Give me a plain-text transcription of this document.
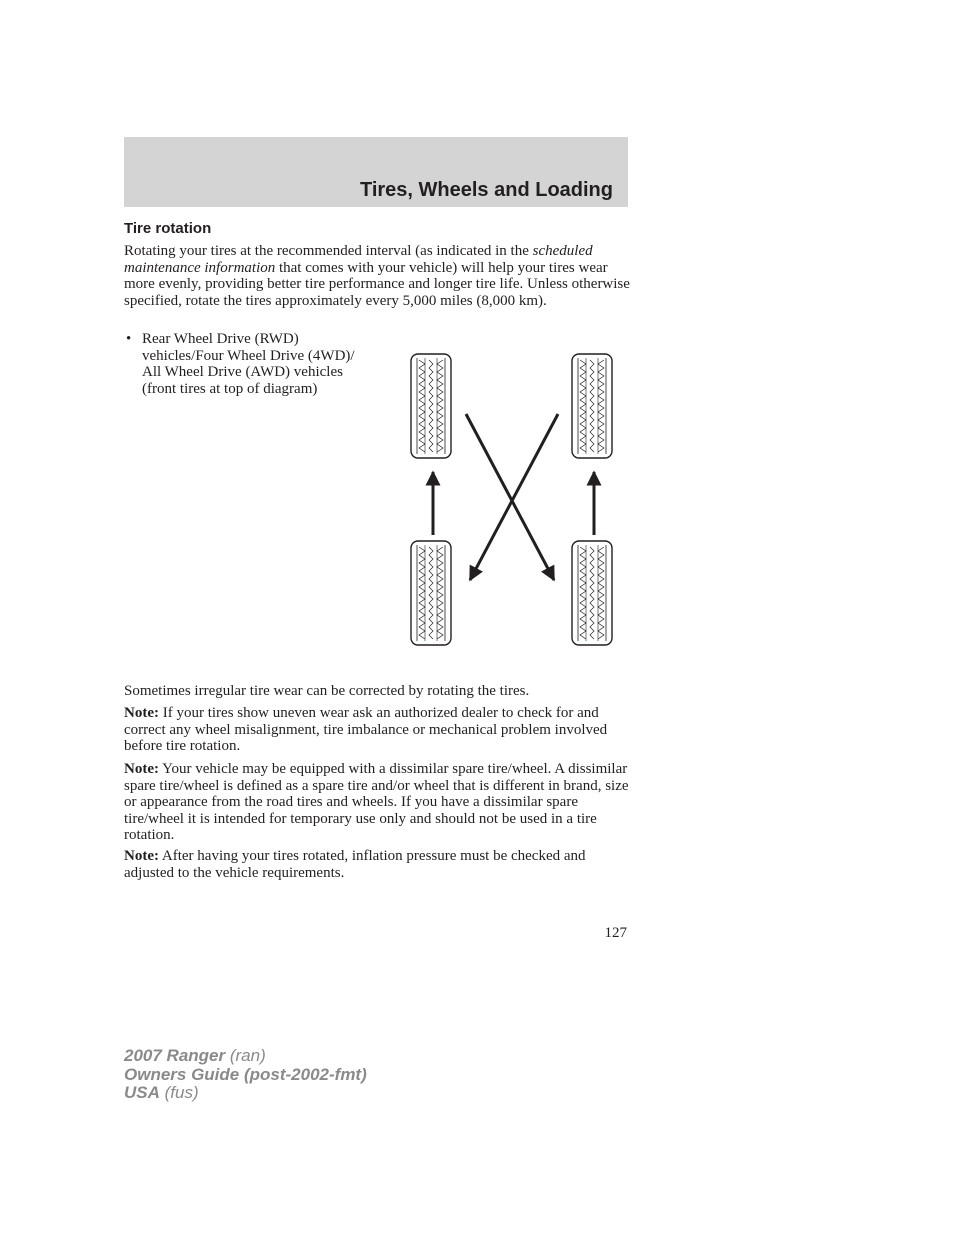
Tires, Wheels and Loading
Tire rotation

Rotating your tires at the recommended interval (as indicated in the scheduled maintenance information that comes with your vehicle) will help your tires wear more evenly, providing better tire performance and longer tire life. Unless otherwise specified, rotate the tires approximately every 5,000 miles (8,000 km).

• Rear Wheel Drive (RWD) vehicles/Four Wheel Drive (4WD)/ All Wheel Drive (AWD) vehicles (front tires at top of diagram)

Sometimes irregular tire wear can be corrected by rotating the tires.

Note: If your tires show uneven wear ask an authorized dealer to check for and correct any wheel misalignment, tire imbalance or mechanical problem involved before tire rotation.

Note: Your vehicle may be equipped with a dissimilar spare tire/wheel. A dissimilar spare tire/wheel is defined as a spare tire and/or wheel that is different in brand, size or appearance from the road tires and wheels. If you have a dissimilar spare tire/wheel it is intended for temporary use only and should not be used in a tire rotation.

Note: After having your tires rotated, inflation pressure must be checked and adjusted to the vehicle requirements.

127

2007 Ranger (ran)
Owners Guide (post-2002-fmt)
USA (fus)
